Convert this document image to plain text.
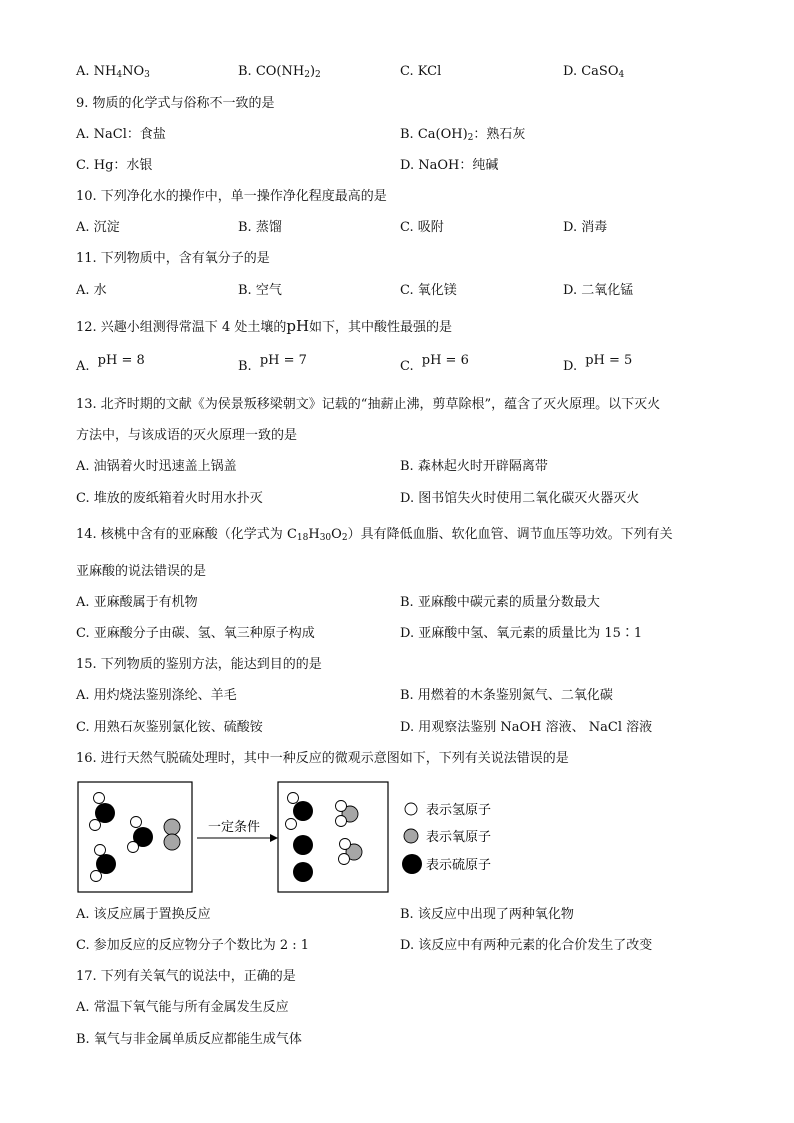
A. $NH_4NO_3$	B. $CO(NH_2)_2$	C. KCl	D. CaSO$_4$
9. 物质的化学式与俗称不一致的是
A. NaCl：食盐	B. $Ca(OH)_2$：熟石灰
C. Hg：水银	D. NaOH：纯碱
10. 下列净化水的操作中，单一操作净化程度最高的是
A. 沉淀	B. 蒸馏	C. 吸附	D. 消毒
11. 下列物质中，含有氧分子的是
A. 水	B. 空气	C. 氧化镁	D. 二氧化锰
12. 兴趣小组测得常温下 4 处土壤的pH如下，其中酸性最强的是
A. pH = 8	B. pH = 7	C. pH = 6	D. pH = 5
13. 北齐时期的文献《为侯景叛移梁朝文》记载的“抽薪止沸，剪草除根”，蕴含了灭火原理。以下灭火
方法中，与该成语的灭火原理一致的是
A. 油锅着火时迅速盖上锅盖	B. 森林起火时开辟隔离带
C. 堆放的废纸箱着火时用水扑灭	D. 图书馆失火时使用二氧化碳灭火器灭火
14. 核桃中含有的亚麻酸（化学式为 $C_{18}H_{30}O_2$）具有降低血脂、软化血管、调节血压等功效。下列有关
亚麻酸的说法错误的是
A. 亚麻酸属于有机物	B. 亚麻酸中碳元素的质量分数最大
C. 亚麻酸分子由碳、氢、氧三种原子构成	D. 亚麻酸中氢、氧元素的质量比为 15∶1
15. 下列物质的鉴别方法，能达到目的的是
A. 用灼烧法鉴别涤纶、羊毛	B. 用燃着的木条鉴别氮气、二氧化碳
C. 用熟石灰鉴别氯化铵、硫酸铵	D. 用观察法鉴别 NaOH 溶液、 NaCl 溶液
16. 进行天然气脱硫处理时，其中一种反应的微观示意图如下，下列有关说法错误的是
一定条件
表示氢原子
表示氧原子
表示硫原子
A. 该反应属于置换反应	B. 该反应中出现了两种氧化物
C. 参加反应的反应物分子个数比为 2 : 1	D. 该反应中有两种元素的化合价发生了改变
17. 下列有关氧气的说法中，正确的是
A. 常温下氧气能与所有金属发生反应
B. 氧气与非金属单质反应都能生成气体
